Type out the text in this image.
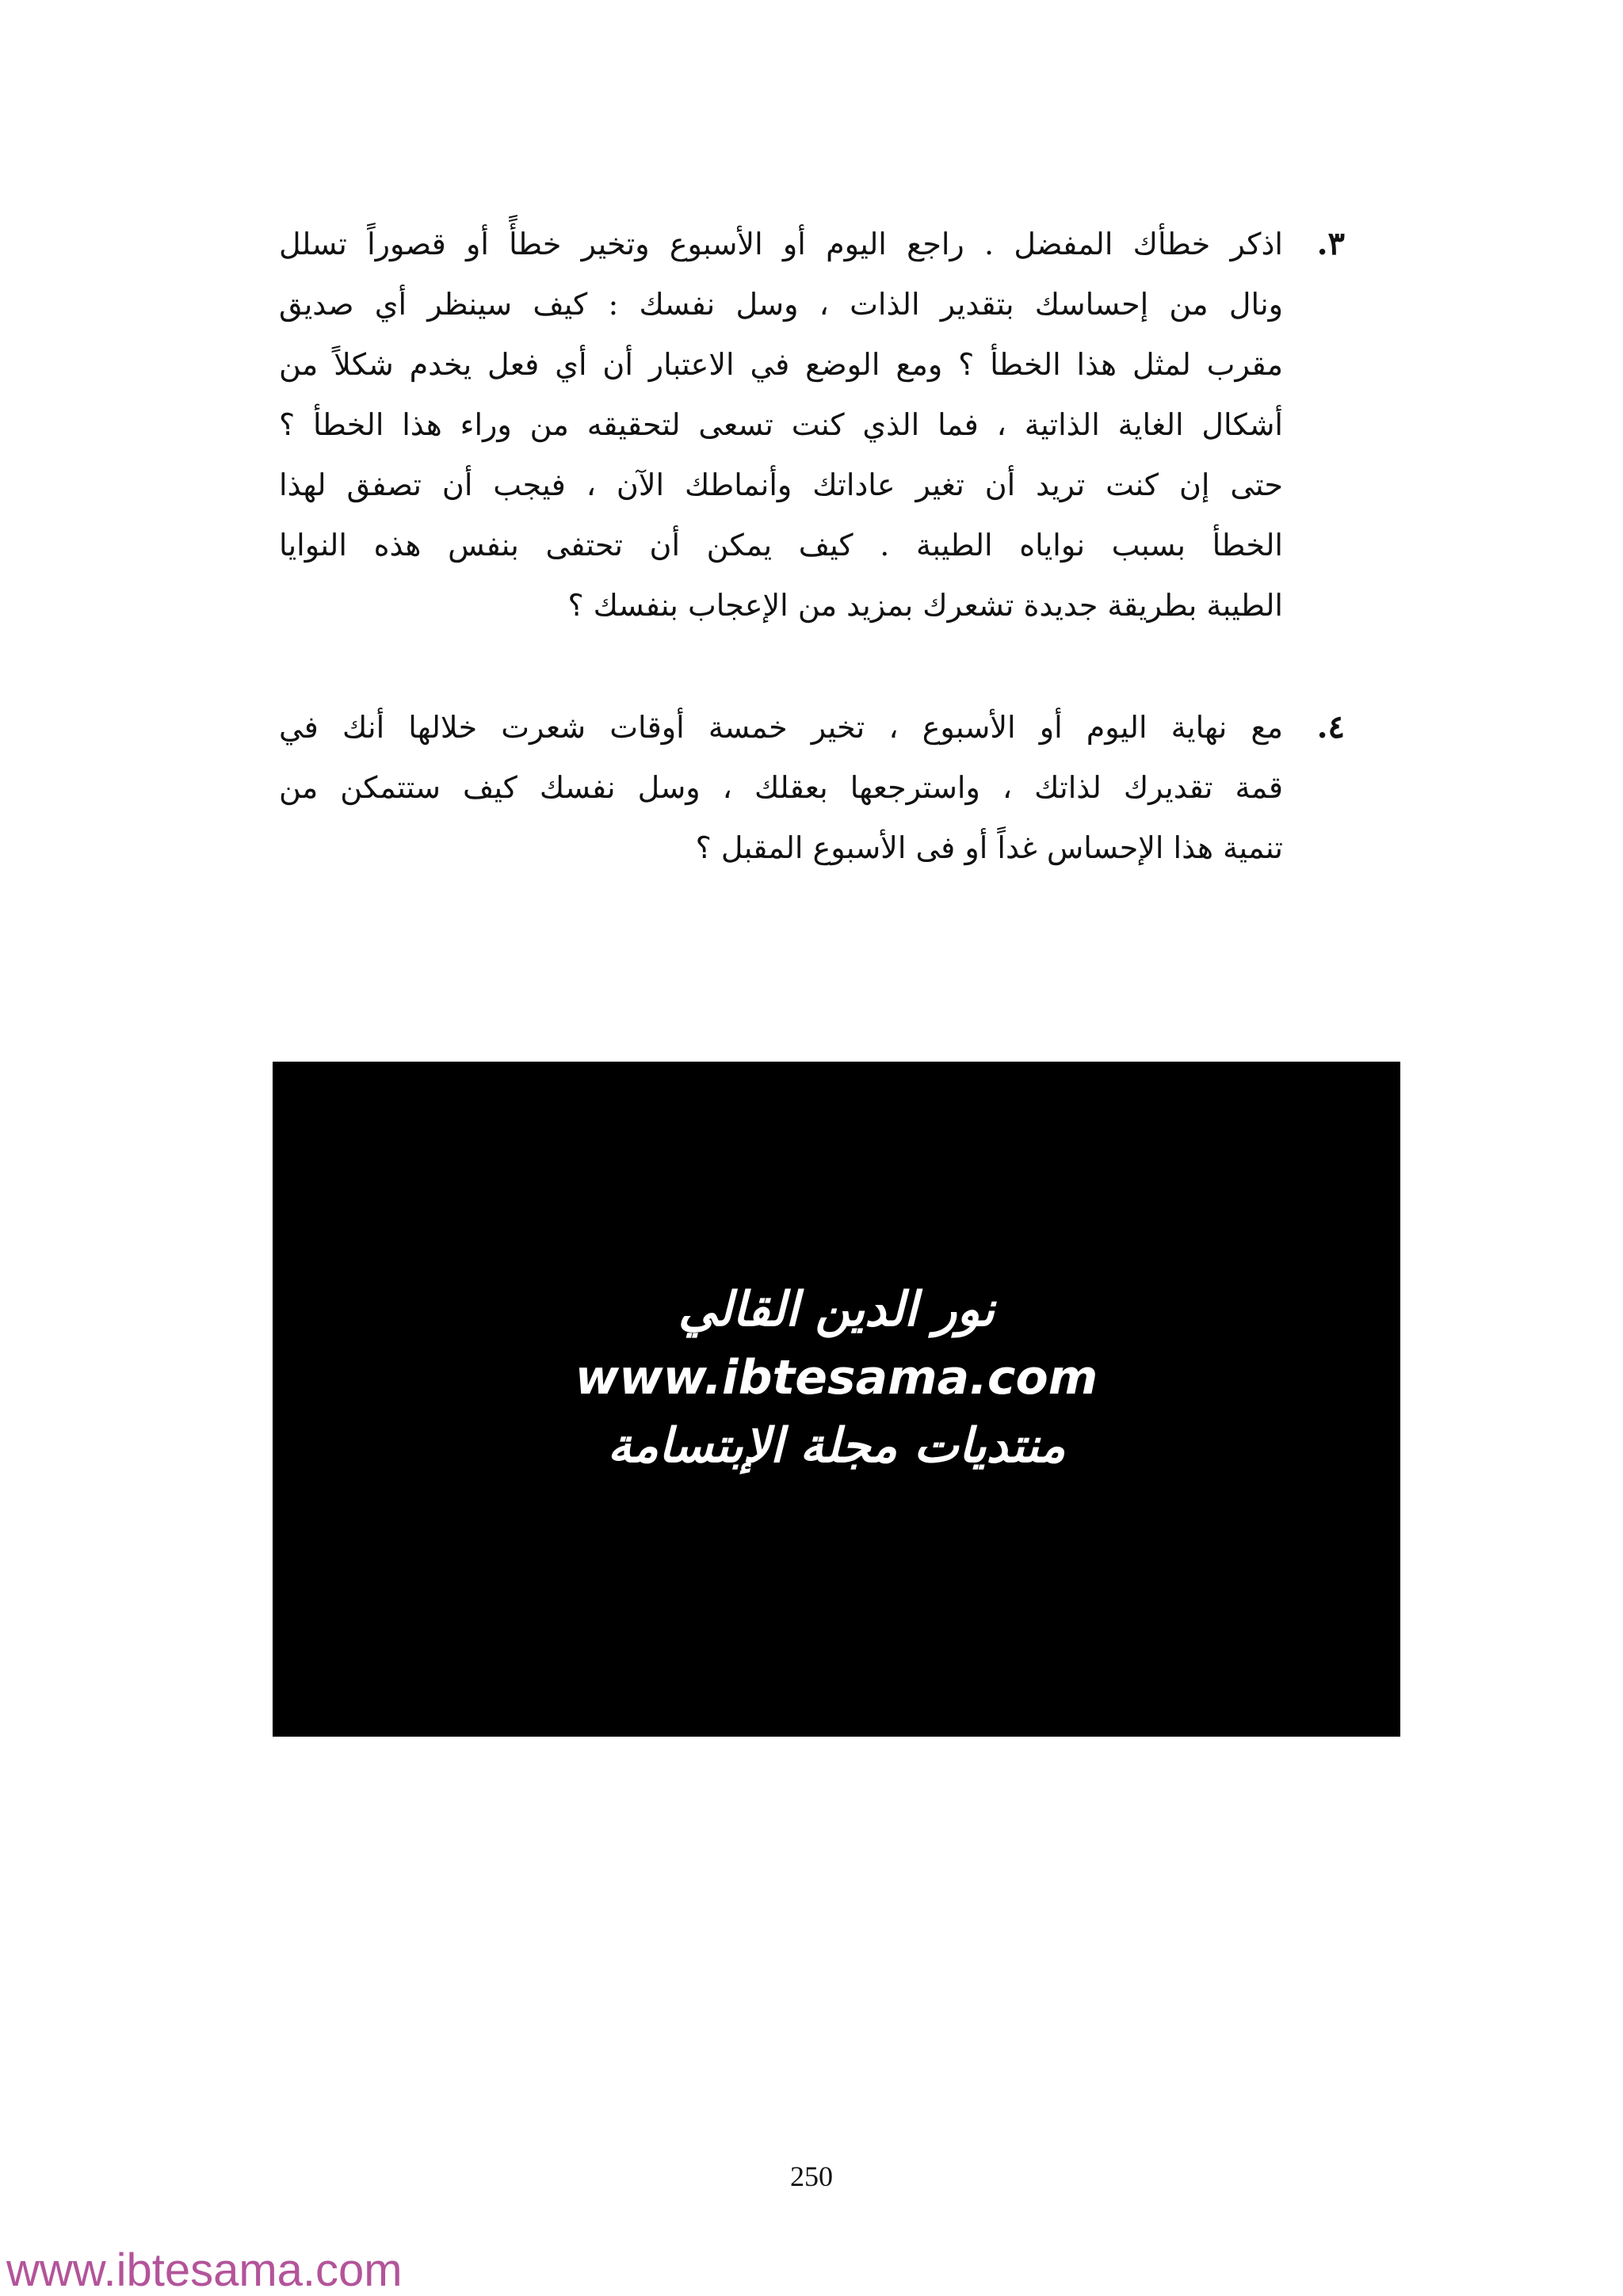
٣.
اذكر خطأك المفضل . راجع اليوم أو الأسبوع وتخير خطأً أو قصوراً تسلل
ونال من إحساسك بتقدير الذات ، وسل نفسك : كيف سينظر أي صديق
مقرب لمثل هذا الخطأ ؟ ومع الوضع في الاعتبار أن أي فعل يخدم شكلاً من
أشكال الغاية الذاتية ، فما الذي كنت تسعى لتحقيقه من وراء هذا الخطأ ؟
حتى إن كنت تريد أن تغير عاداتك وأنماطك الآن ، فيجب أن تصفق لهذا
الخطأ بسبب نواياه الطيبة . كيف يمكن أن تحتفى بنفس هذه النوايا
الطيبة بطريقة جديدة تشعرك بمزيد من الإعجاب بنفسك ؟
٤.
مع نهاية اليوم أو الأسبوع ، تخير خمسة أوقات شعرت خلالها أنك في
قمة تقديرك لذاتك ، واسترجعها بعقلك ، وسل نفسك كيف ستتمكن من
تنمية هذا الإحساس غداً أو فى الأسبوع المقبل ؟
نور الدين القالي
www.ibtesama.com
منتديات مجلة الإبتسامة
250
www.ibtesama.com
